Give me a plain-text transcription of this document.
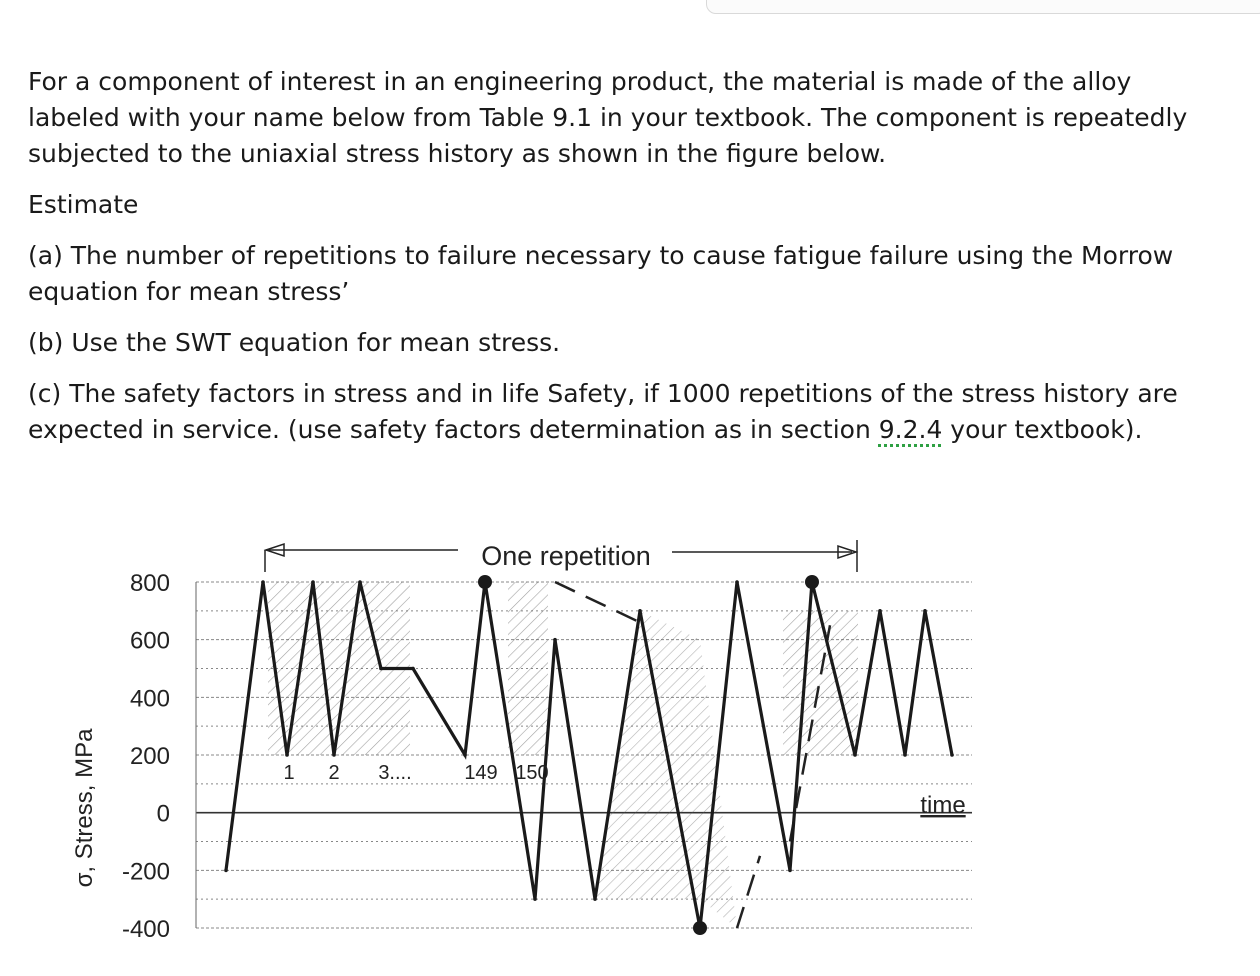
For a component of interest in an engineering product, the material is made of the alloy labeled with your name below from Table 9.1 in your textbook. The component is repeatedly subjected to the uniaxial stress history as shown in the figure below.

Estimate

(a) The number of repetitions to failure necessary to cause fatigue failure using the Morrow equation for mean stress’

(b) Use the SWT equation for mean stress.

(c) The safety factors in stress and in life Safety, if 1000 repetitions of the stress history are expected in service. (use safety factors determination as in section 9.2.4 your textbook).

800
600
400
200
0
-200
-400
σ, Stress, MPa
One repetition
1 2 3....	149 150
time
